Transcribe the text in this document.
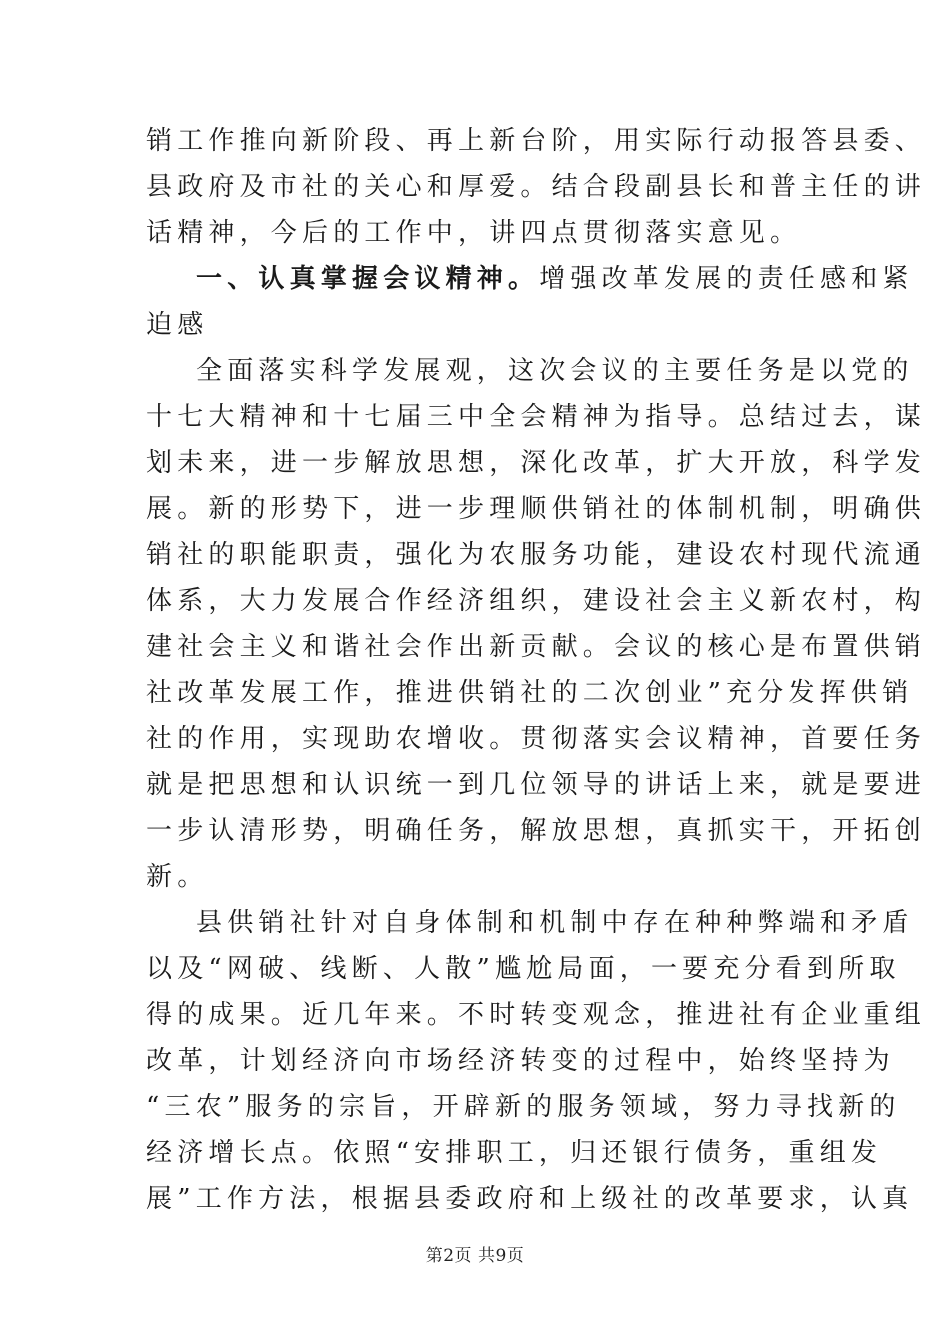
销工作推向新阶段、再上新台阶，用实际行动报答县委、
县政府及市社的关心和厚爱。结合段副县长和普主任的讲
话精神，今后的工作中，讲四点贯彻落实意见。
一、认真掌握会议精神。增强改革发展的责任感和紧
迫感
全面落实科学发展观，这次会议的主要任务是以党的
十七大精神和十七届三中全会精神为指导。总结过去，谋
划未来，进一步解放思想，深化改革，扩大开放，科学发
展。新的形势下，进一步理顺供销社的体制机制，明确供
销社的职能职责，强化为农服务功能，建设农村现代流通
体系，大力发展合作经济组织，建设社会主义新农村，构
建社会主义和谐社会作出新贡献。会议的核心是布置供销
社改革发展工作，推进供销社的二次创业”充分发挥供销
社的作用，实现助农增收。贯彻落实会议精神，首要任务
就是把思想和认识统一到几位领导的讲话上来，就是要进
一步认清形势，明确任务，解放思想，真抓实干，开拓创
新。
县供销社针对自身体制和机制中存在种种弊端和矛盾
以及“网破、线断、人散”尴尬局面，一要充分看到所取
得的成果。近几年来。不时转变观念，推进社有企业重组
改革，计划经济向市场经济转变的过程中，始终坚持为
“三农”服务的宗旨，开辟新的服务领域，努力寻找新的
经济增长点。依照“安排职工，归还银行债务，重组发
展”工作方法，根据县委政府和上级社的改革要求，认真
第2页 共9页
